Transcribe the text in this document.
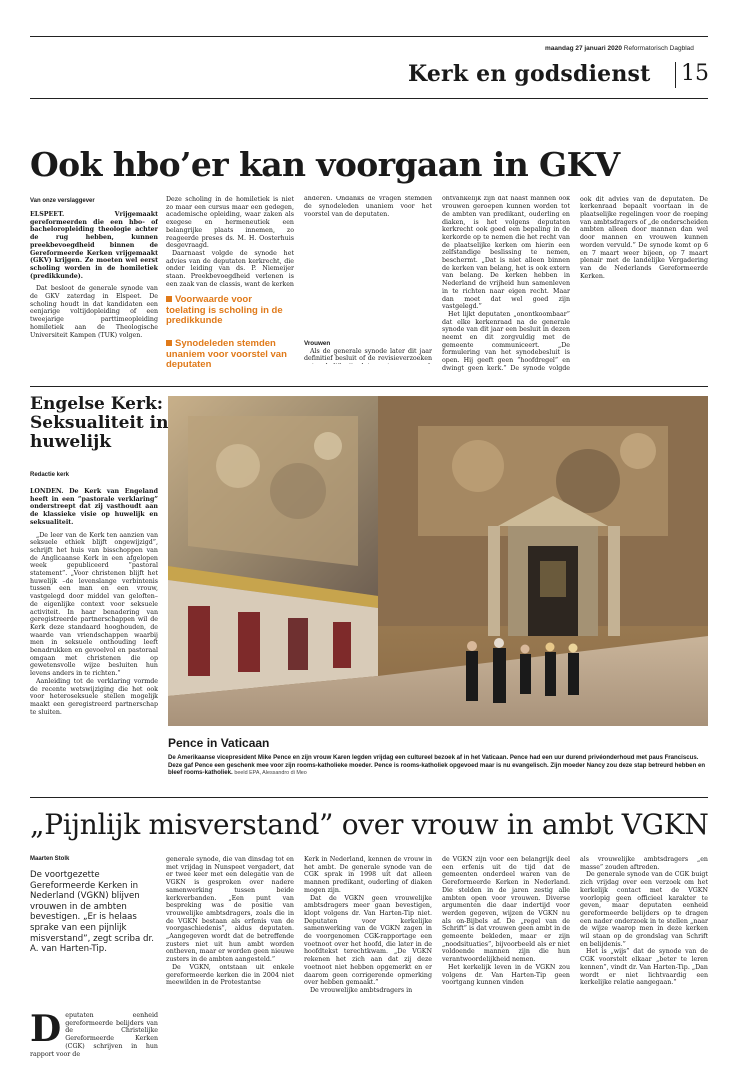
maandag 27 januari 2020 Reformatorisch Dagblad
Kerk en godsdienst 15
Ook hbo’er kan voorgaan in GKV
Van onze verslaggever

ELSPEET. Vrijgemaakt gereformeerden die een hbo- of bacheloropleiding theologie achter de rug hebben, kunnen preekbevoegdheid binnen de Gereformeerde Kerken vrijgemaakt (GKV) krijgen. Ze moeten wel eerst scholing worden in de homiletiek (predikkunde).

Dat besloot de generale synode van de GKV zaterdag in Elspeet. De scholing houdt in dat kandidaten een eenjarige voltijdopleiding of een tweejarige parttimeopleiding homiletiek aan de Theologische Universiteit Kampen (TUK) volgen.

Deze scholing in de homiletiek is niet zo maar een cursus maar een gedegen, academische opleiding, waar zaken als exegese en hermeneutiek een belangrijke plaats innemen, zo reageerde preses ds. M. H. Oosterhuis desgevraagd.

Daarnaast volgde de synode het advies van de deputaten kerkrecht, die onder leiding van ds. P. Niemeijer staan. Preekbevoegdheid verlenen is een zaak van de classis, want de kerken

Voorwaarde voor toelating is scholing in de predikkunde
Synodeleden stemden unaniem voor voorstel van deputaten

anderen. Ondanks de vragen stemden de synodeleden unaniem voor het voorstel van de deputaten.

Vrouwen

Als de generale synode later dit jaar definitief besluit of de revisieverzoeken

ontvankelijk zijn dat naast mannen ook vrouwen geroepen kunnen worden tot de ambten van predikant, ouderling en diaken, is het volgens deputaten kerkrecht ook goed een bepaling in de kerkorde op te nemen die het recht van de plaatselijke kerken om hierin een zelfstandige beslissing te nemen, beschermt. „Dat is niet alleen binnen de kerken van belang, het is ook extern van belang. De kerken hebben in Nederland de vrijheid hun samenleven in te richten naar eigen recht. Maar dan moet dat wel goed zijn vastgelegd.”

Het lijkt deputaten „onontkoombaar” dat elke kerkenraad na de generale synode van dit jaar een besluit in dezen neemt en dit zorgvuldig met de gemeente communiceert. „De formulering van het synodebesluit is open. Hij geeft geen ”hoofdregel” en dwingt geen kerk.” De synode volgde

ook dit advies van de deputaten. De kerkenraad bepaalt voortaan in de plaatselijke regelingen voor de roeping van ambtsdragers of „de onderscheiden ambten alleen door mannen dan wel door mannen en vrouwen kunnen worden vervuld.” De synode komt op 6 en 7 maart weer bijeen, op 7 maart plenair met de landelijke Vergadering van de Nederlands Gereformeerde Kerken.

Engelse Kerk: Seksualiteit in huwelijk
Redactie kerk

LONDEN. De Kerk van Engeland heeft in een ”pastorale verklaring” onderstreept dat zij vasthoudt aan de klassieke visie op huwelijk en seksualiteit.

„De leer van de Kerk ten aanzien van seksuele ethiek blijft ongewijzigd”, schrijft het huis van bisschoppen van de Anglicaanse Kerk in een afgelopen week gepubliceerd ”pastoral statement”. „Voor christenen blijft het huwelijk –de levenslange verbintenis tussen een man en een vrouw, vastgelegd door middel van geloften– de eigenlijke context voor seksuele activiteit. In haar benadering van geregistreerde partnerschappen wil de Kerk deze standaard hooghouden, de waarde van vriendschappen waarbij men in seksuele onthouding leeft benadrukken en gevoelvol en pastoraal omgaan met christenen die op gewetensvolle wijze besluiten hun levens anders in te richten.”

Aanleiding tot de verklaring vormde de recente wetswijziging die het ook voor heteroseksuele stellen mogelijk maakt een geregistreerd partnerschap te sluiten.

Pence in Vaticaan
De Amerikaanse vicepresident Mike Pence en zijn vrouw Karen legden vrijdag een cultureel bezoek af in het Vaticaan. Pence had een uur durend privéonderhoud met paus Franciscus. Deze gaf Pence een geschenk mee voor zijn rooms-katholieke moeder. Pence is rooms-katholiek opgevoed maar is nu evangelisch. Zijn moeder Nancy zou deze stap betreurd hebben en bleef rooms-katholiek. beeld EPA, Alessandro di Meo
„Pijnlijk misverstand” over vrouw in ambt VGKN
Maarten Stolk
De voortgezette Gereformeerde Kerken in Nederland (VGKN) blijven vrouwen in de ambten bevestigen. „Er is helaas sprake van een pijnlijk misverstand”, zegt scriba dr. A. van Harten-Tip.
D eputaten eenheid gereformeerde belijders van de Christelijke Gereformeerde Kerken (CGK) schrijven in hun rapport voor de

generale synode, die van dinsdag tot en met vrijdag in Nunspeet vergadert, dat er twee keer met een delegatie van de VGKN is gesproken over nadere samenwerking tussen beide kerkverbanden. „Een punt van bespreking was de positie van vrouwelijke ambtsdragers, zoals die in de VGKN bestaan als erfenis van de voorgaschiedenis”, aldus deputaten. „Aangegeven wordt dat de betreffende zusters niet uit hun ambt worden ontheven, maar er worden geen nieuwe zusters in de ambten aangesteld.”

De VGKN, ontstaan uit enkele gereformeerde kerken die in 2004 niet meewilden in de Protestantse

Kerk in Nederland, kennen de vrouw in het ambt. De generale synode van de CGK sprak in 1998 uit dat alleen mannen predikant, ouderling of diaken mogen zijn.

Dat de VGKN geen vrouwelijke ambtsdragers meer gaan bevestigen, klopt volgens dr. Van Harten-Tip niet. Deputaten voor kerkelijke samenwerking van de VGKN zagen in de voorgenomen CGK-rapportage een voetnoot over het hoofd, die later in de hoofdtekst terechtkwam. „De VGKN rekenen het zich aan dat zij deze voetnoot niet hebben opgemerkt en er daarom geen corrigerende opmerking over hebben gemaakt.”

De vrouwelijke ambtsdragers in

de VGKN zijn voor een belangrijk deel een erfenis uit de tijd dat de gemeenten onderdeel waren van de Gereformeerde Kerken in Nederland. Die stelden in de jaren zestig alle ambten open voor vrouwen. Diverse argumenten die daar indertijd voor werden gegeven, wijzen de VGKN nu als on-Bijbels af. De „regel van de Schrift” is dat vrouwen geen ambt in de gemeente bekleden, maar er zijn „noodsituaties”, bijvoorbeeld als er niet voldoende mannen zijn die hun verantwoordelijkheid nemen.

Het kerkelijk leven in de VGKN zou volgens dr. Van Harten-Tip geen voortgang kunnen vinden

als vrouwelijke ambtsdragers „en masse” zouden aftreden.

De generale synode van de CGK buigt zich vrijdag over een verzoek om het kerkelijk contact met de VGKN voorlopig geen officieel karakter te geven, maar deputaten eenheid gereformeerde belijders op te dragen een nader onderzoek in te stellen „naar de wijze waarop men in deze kerken wil staan op de grondslag van Schrift en belijdenis.”

Het is „wijs” dat de synode van de CGK voorstelt elkaar „beter te leren kennen”, vindt dr. Van Harten-Tip. „Dan wordt er niet lichtvaardig een kerkelijke relatie aangegaan.”
